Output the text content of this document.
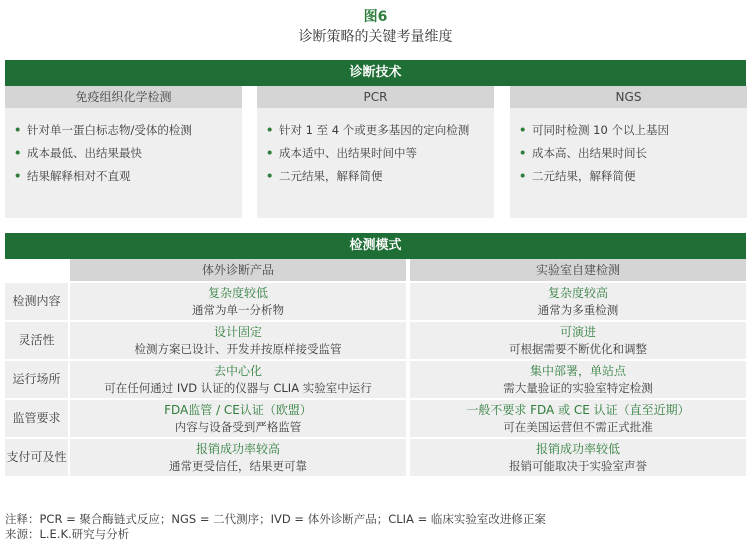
图6
诊断策略的关键考量维度
诊断技术
免疫组织化学检测
• 针对单一蛋白标志物/受体的检测
• 成本最低、出结果最快
• 结果解释相对不直观
PCR
• 针对 1 至 4 个或更多基因的定向检测
• 成本适中、出结果时间中等
• 二元结果，解释简便
NGS
• 可同时检测 10 个以上基因
• 成本高、出结果时间长
• 二元结果，解释简便
检测模式
体外诊断产品	实验室自建检测
检测内容
复杂度较低
通常为单一分析物
复杂度较高
通常为多重检测
灵活性
设计固定
检测方案已设计、开发并按原样接受监管
可演进
可根据需要不断优化和调整
运行场所
去中心化
可在任何通过 IVD 认证的仪器与 CLIA 实验室中运行
集中部署，单站点
需大量验证的实验室特定检测
监管要求
FDA监管 / CE认证（欧盟）
内容与设备受到严格监管
一般不要求 FDA 或 CE 认证（直至近期）
可在美国运营但不需正式批准
支付可及性
报销成功率较高
通常更受信任，结果更可靠
报销成功率较低
报销可能取决于实验室声誉
注释：PCR = 聚合酶链式反应；NGS = 二代测序；IVD = 体外诊断产品；CLIA = 临床实验室改进修正案
来源：L.E.K.研究与分析
